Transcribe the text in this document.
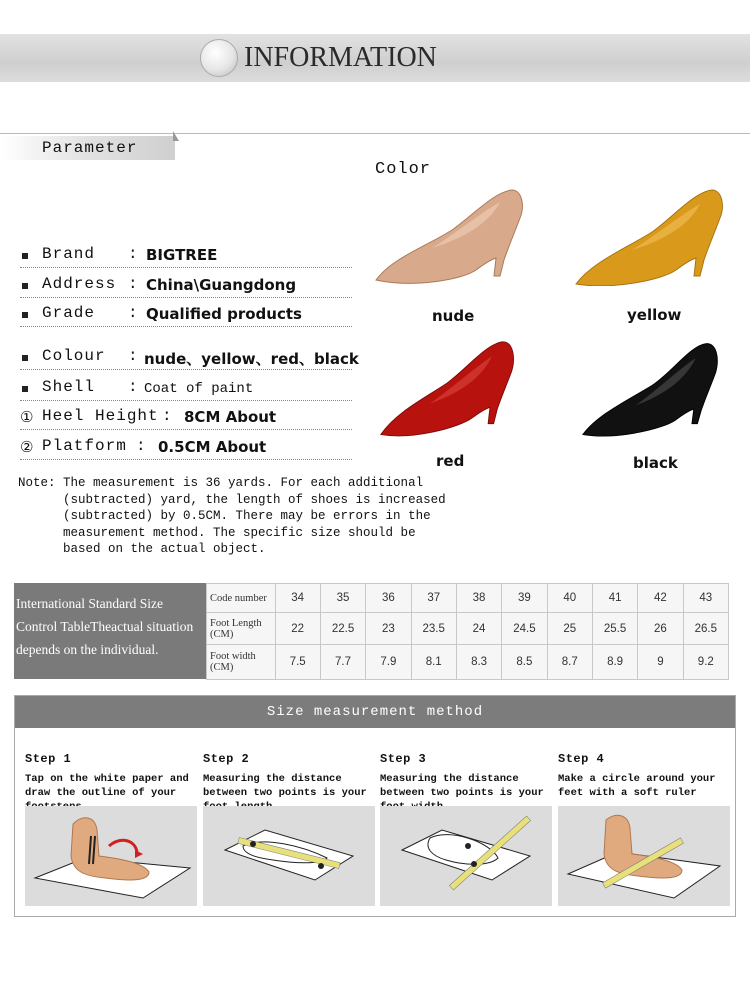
INFORMATION
Parameter
Brand : BIGTREE
Address : China\Guangdong
Grade : Qualified products
Colour : nude、yellow、red、black
Shell : Coat of paint
① Heel Height : 8CM About
② Platform : 0.5CM About
Color
nude	yellow
red	black
Note: The measurement is 36 yards. For each additional
(subtracted) yard, the length of shoes is increased
(subtracted) by 0.5CM. There may be errors in the
measurement method. The specific size should be
based on the actual object.
International Standard Size
Control TableTheactual situation
depends on the individual.
Code number	34	35	36	37	38	39	40	41	42	43
Foot Length (CM)	22	22.5	23	23.5	24	24.5	25	25.5	26	26.5
Foot width (CM)	7.5	7.7	7.9	8.1	8.3	8.5	8.7	8.9	9	9.2
Size measurement method
Step 1
Tap on the white paper and draw the outline of your
Step 2
Measuring the distance between two points is your
Step 3
Measuring the distance between two points is your
Step 4
Make a circle around your feet with a soft ruler
